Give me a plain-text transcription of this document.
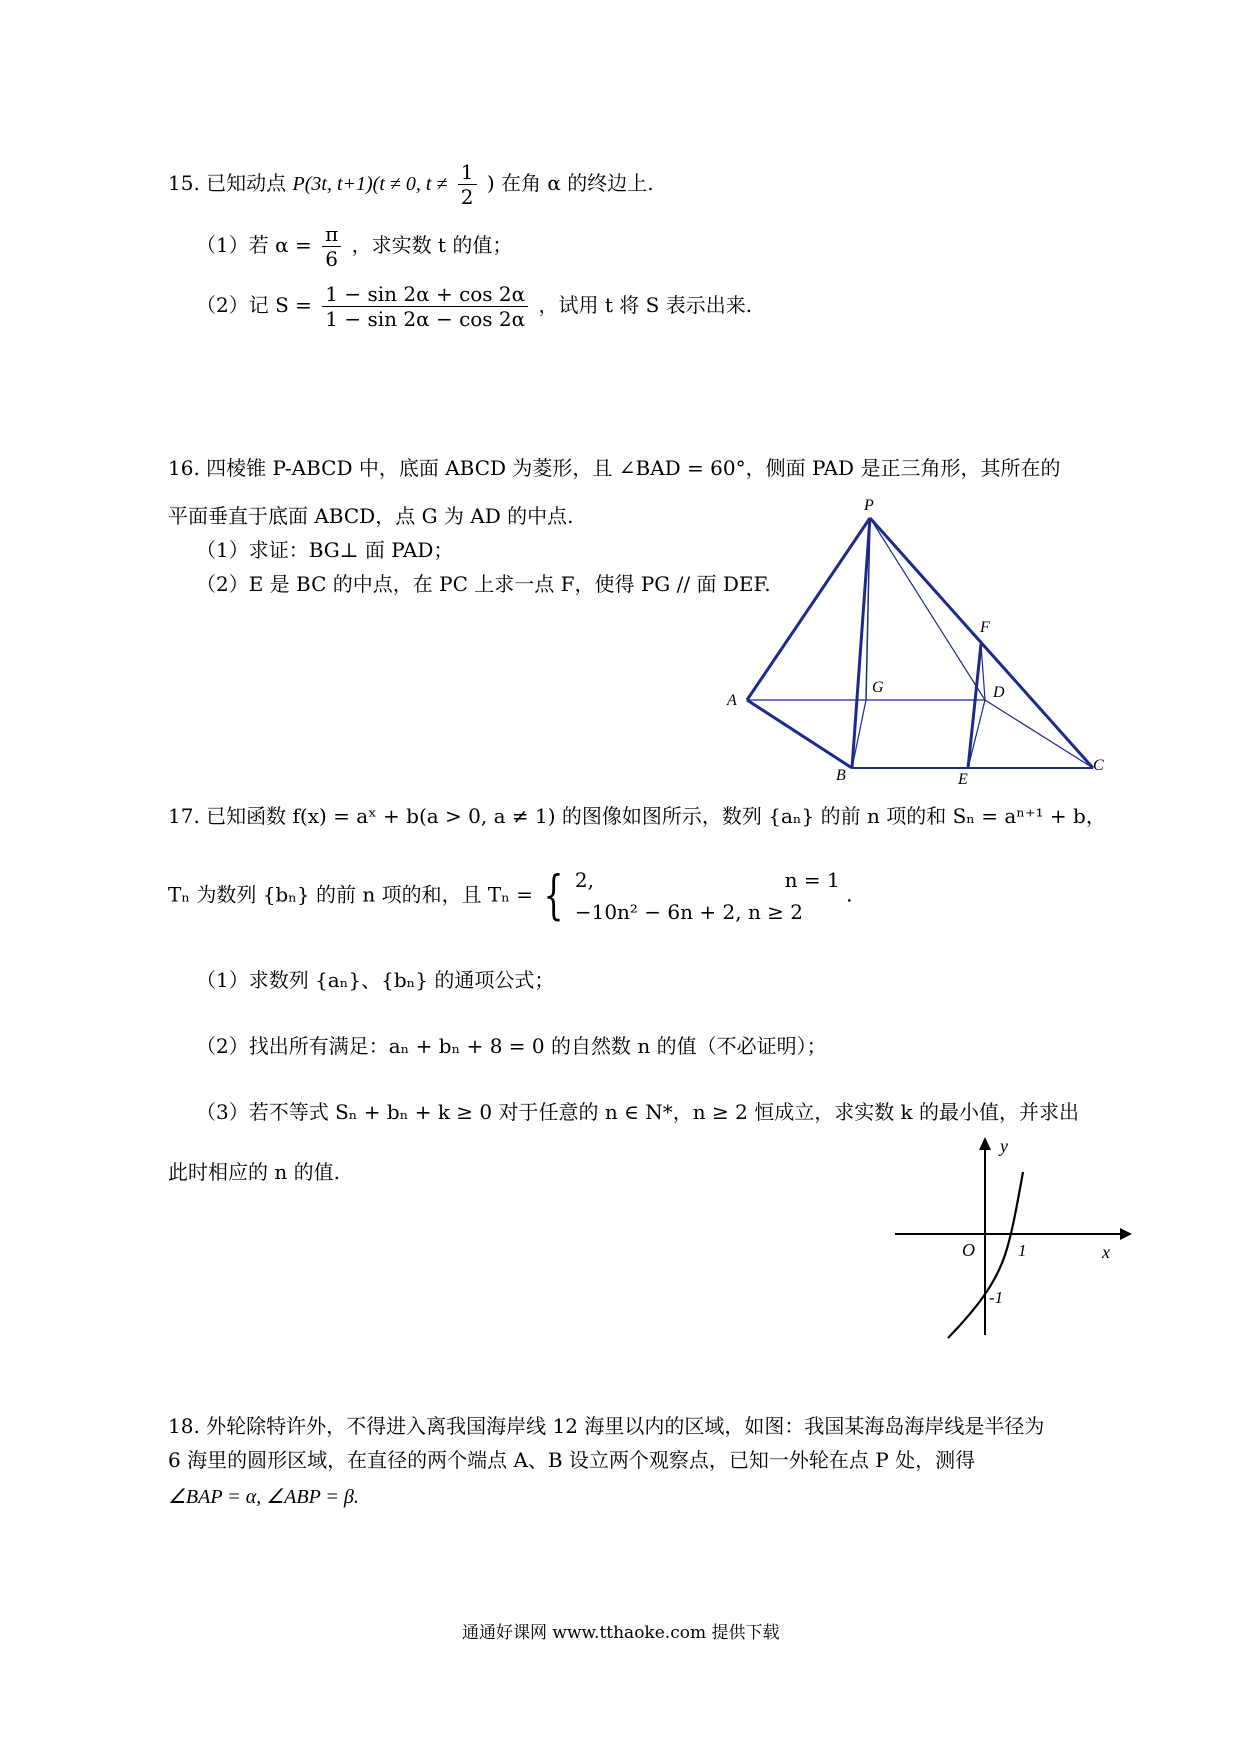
15. 已知动点 P(3t, t+1)(t ≠ 0, $t \ne \frac{1}{2}$ ) 在角 α 的终边上.
（1）若 $\alpha = \frac{\pi}{6}$ ，求实数 t 的值；
（2）记 $S = \frac{1 - \sin 2\alpha + \cos 2\alpha}{1 - \sin 2\alpha - \cos 2\alpha}$ ，试用 t 将 S 表示出来.
16. 四棱锥 P-ABCD 中，底面 ABCD 为菱形，且 ∠BAD = 60°，侧面 PAD 是正三角形，其所在的
平面垂直于底面 ABCD，点 G 为 AD 的中点.
（1）求证：BG⊥ 面 PAD；
（2）E 是 BC 的中点，在 PC 上求一点 F，使得 PG // 面 DEF.
P
A
G	D
F
B	E
C
y
x
O	1
-1
17. 已知函数 f(x) = aˣ + b(a > 0, a ≠ 1) 的图像如图所示，数列 {aₙ} 的前 n 项的和 Sₙ = aⁿ⁺¹ + b，
Tₙ 为数列 {bₙ} 的前 n 项的和，且 Tₙ = { 2,                              n = 1
−10n² − 6n + 2, n ≥ 2
.
（1）求数列 {aₙ}、{bₙ} 的通项公式；
（2）找出所有满足：aₙ + bₙ + 8 = 0 的自然数 n 的值（不必证明）；
（3）若不等式 Sₙ + bₙ + k ≥ 0 对于任意的 n ∈ N*，n ≥ 2 恒成立，求实数 k 的最小值，并求出
此时相应的 n 的值.
18. 外轮除特许外，不得进入离我国海岸线 12 海里以内的区域，如图：我国某海岛海岸线是半径为
6 海里的圆形区域，在直径的两个端点 A、B 设立两个观察点，已知一外轮在点 P 处，测得
∠BAP = α, ∠ABP = β.
通通好课网 www.tthaoke.com 提供下载
